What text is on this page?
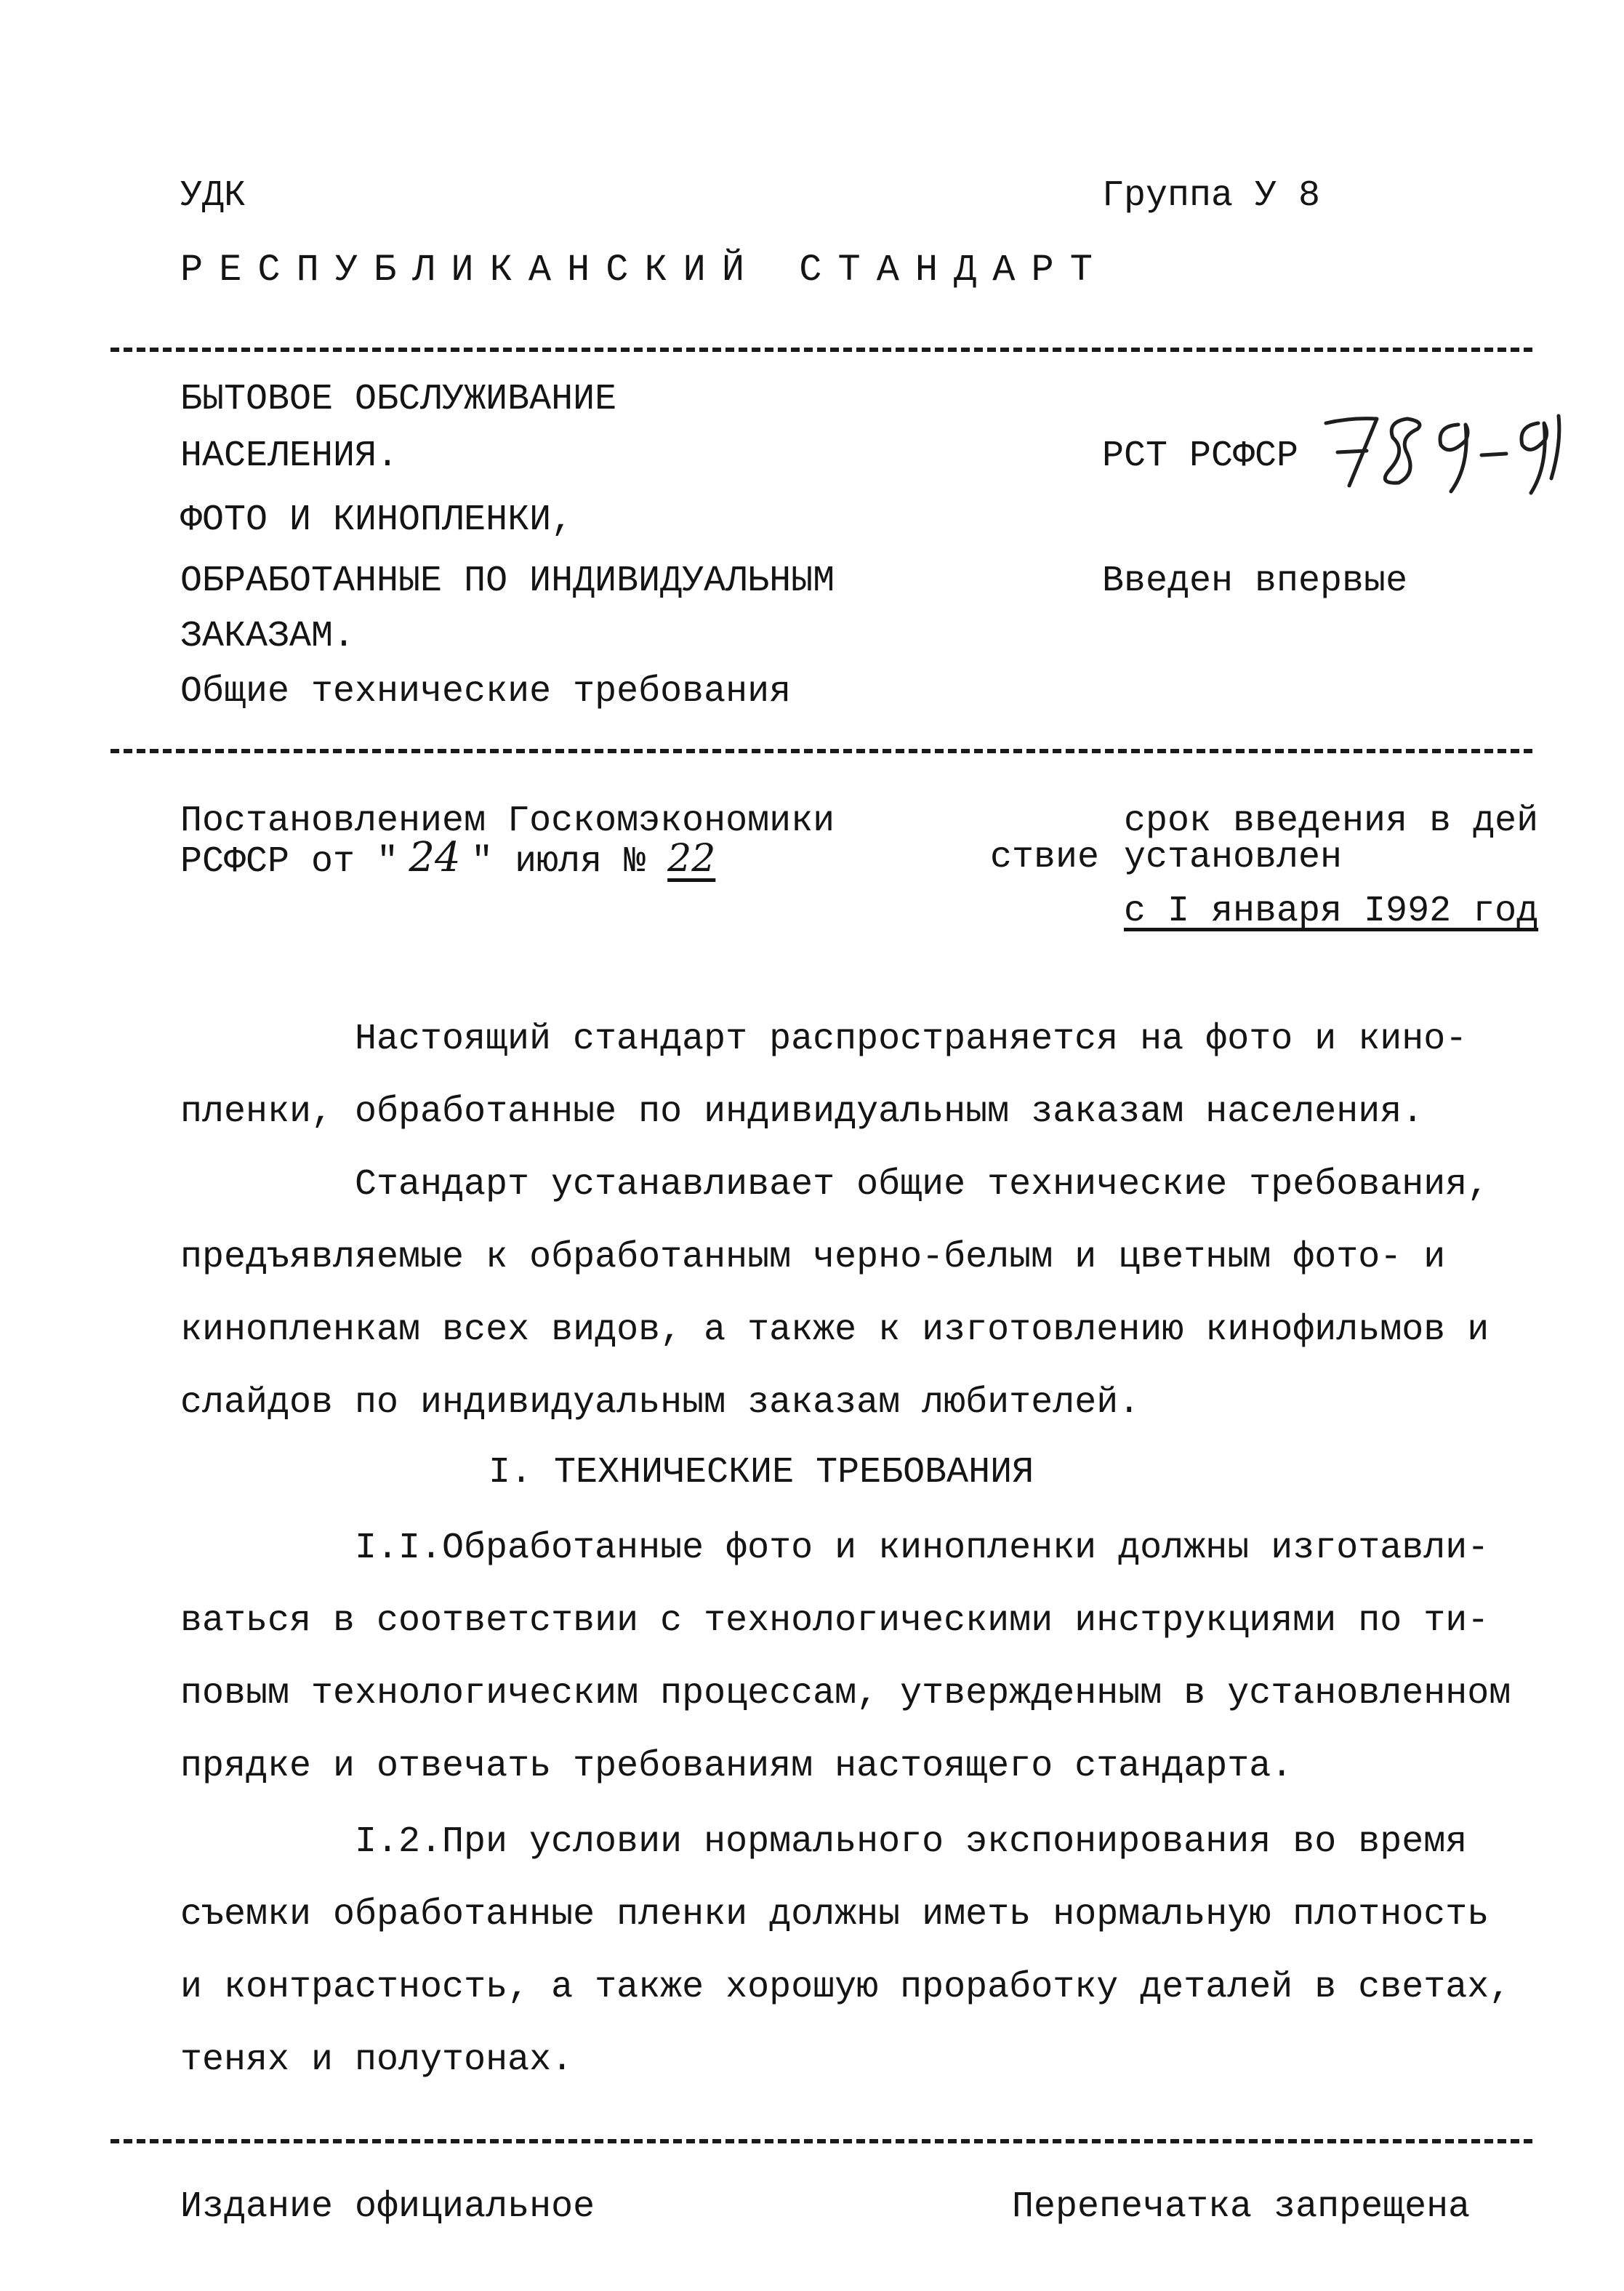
УДК	Группа У 8
РЕСПУБЛИКАНСКИЙ СТАНДАРТ
БЫТОВОЕ ОБСЛУЖИВАНИЕ
НАСЕЛЕНИЯ.
ФОТО И КИНОПЛЕНКИ,
ОБРАБОТАННЫЕ ПО ИНДИВИДУАЛЬНЫМ
ЗАКАЗАМ.
Общие технические требования
РСТ РСФСР
Введен впервые
Постановлением Госкомэкономики
РСФСР от " 24 " июля № 22
срок введения в дей
ствие установлен
с I января I992 год
Настоящий стандарт распространяется на фото и кино-
пленки, обработанные по индивидуальным заказам населения.
Стандарт устанавливает общие технические требования,
предъявляемые к обработанным черно-белым и цветным фото- и
кинопленкам всех видов, а также к изготовлению кинофильмов и
слайдов по индивидуальным заказам любителей.
I. ТЕХНИЧЕСКИЕ ТРЕБОВАНИЯ
I.I.Обработанные фото и кинопленки должны изготавли-
ваться в соответствии с технологическими инструкциями по ти-
повым технологическим процессам, утвержденным в установленном
прядке и отвечать требованиям настоящего стандарта.
I.2.При условии нормального экспонирования во время
съемки обработанные пленки должны иметь нормальную плотность
и контрастность, а также хорошую проработку деталей в светах,
тенях и полутонах.
Издание официальное	Перепечатка запрещена
